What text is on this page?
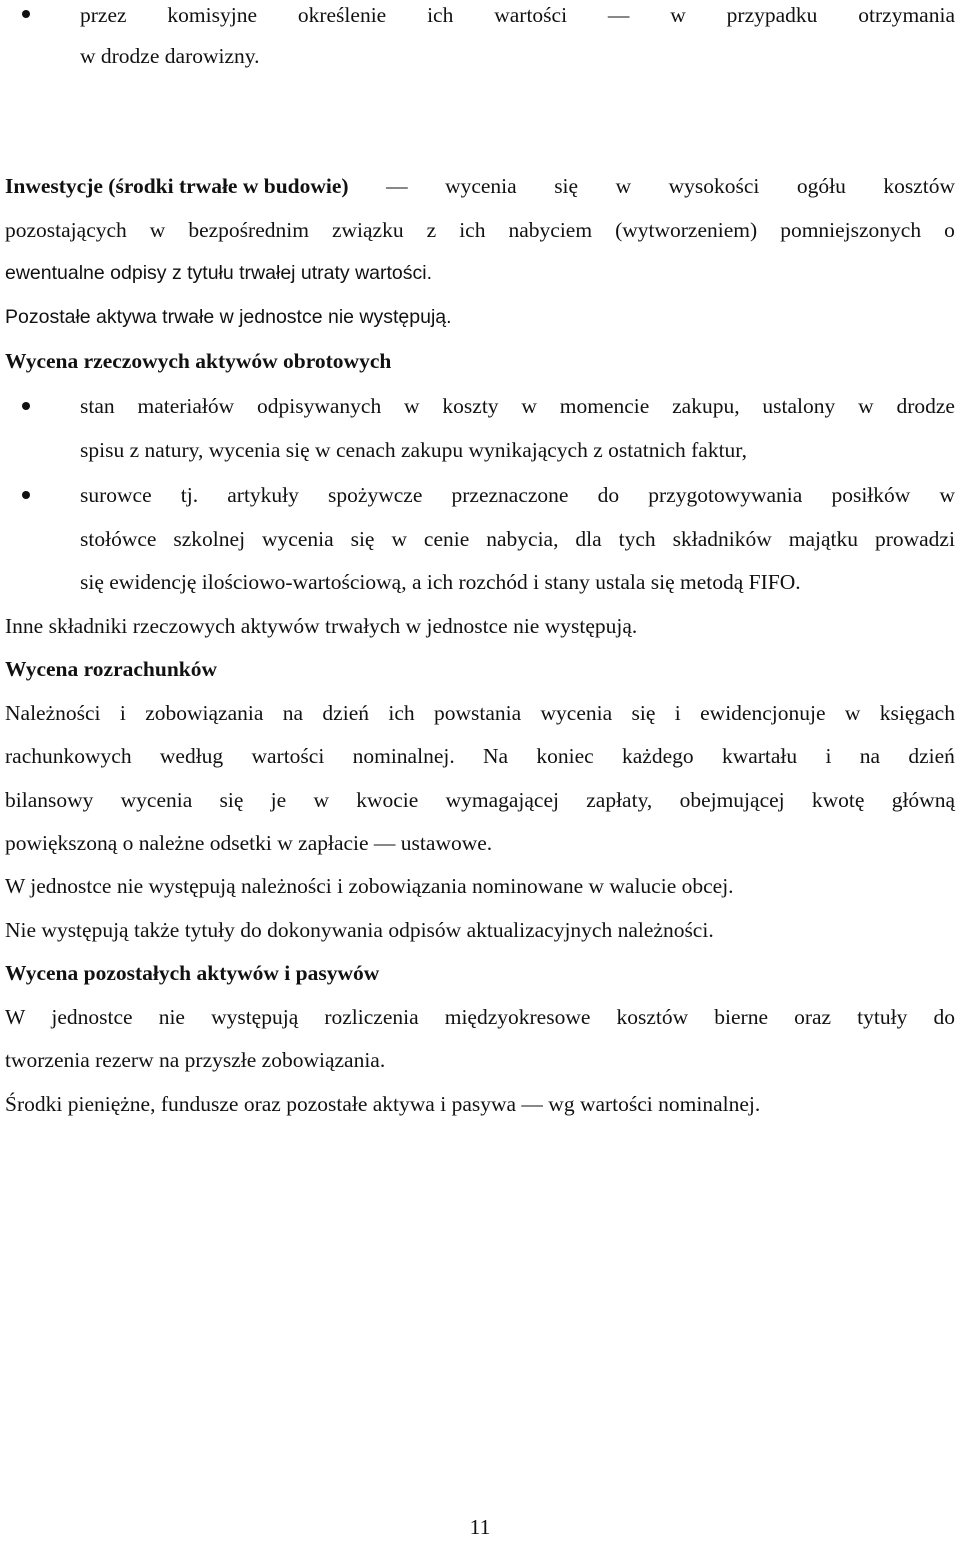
przez komisyjne określenie ich wartości — w przypadku otrzymania
w drodze darowizny.
Inwestycje (środki trwałe w budowie) — wycenia się w wysokości ogółu kosztów
pozostających w bezpośrednim związku z ich nabyciem (wytworzeniem) pomniejszonych o
ewentualne odpisy z tytułu trwałej utraty wartości.
Pozostałe aktywa trwałe w jednostce nie występują.
Wycena rzeczowych aktywów obrotowych
stan materiałów odpisywanych w koszty w momencie zakupu, ustalony w drodze
spisu z natury, wycenia się w cenach zakupu wynikających z ostatnich faktur,
surowce tj. artykuły spożywcze przeznaczone do przygotowywania posiłków w
stołówce szkolnej wycenia się w cenie nabycia, dla tych składników majątku prowadzi
się ewidencję ilościowo-wartościową, a ich rozchód i stany ustala się metodą FIFO.
Inne składniki rzeczowych aktywów trwałych w jednostce nie występują.
Wycena rozrachunków
Należności i zobowiązania na dzień ich powstania wycenia się i ewidencjonuje w księgach
rachunkowych według wartości nominalnej. Na koniec każdego kwartału i na dzień
bilansowy wycenia się je w kwocie wymagającej zapłaty, obejmującej kwotę główną
powiększoną o należne odsetki w zapłacie — ustawowe.
W jednostce nie występują należności i zobowiązania nominowane w walucie obcej.
Nie występują także tytuły do dokonywania odpisów aktualizacyjnych należności.
Wycena pozostałych aktywów i pasywów
W jednostce nie występują rozliczenia międzyokresowe kosztów bierne oraz tytuły do
tworzenia rezerw na przyszłe zobowiązania.
Środki pieniężne, fundusze oraz pozostałe aktywa i pasywa — wg wartości nominalnej.
11
